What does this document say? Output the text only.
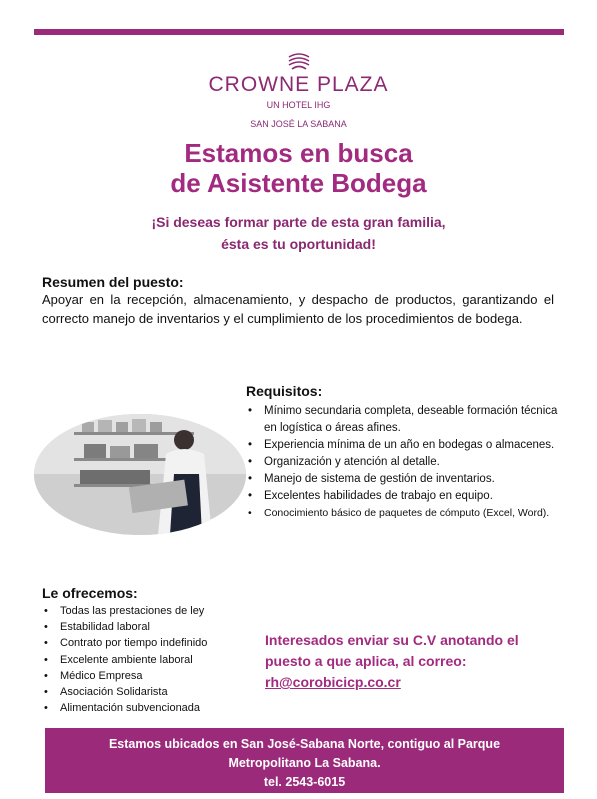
CROWNE PLAZA
UN HOTEL IHG
SAN JOSÉ LA SABANA
Estamos en busca
de Asistente Bodega
¡Si deseas formar parte de esta gran familia,
ésta es tu oportunidad!
Resumen del puesto:

Apoyar en la recepción, almacenamiento, y despacho de productos, garantizando el correcto manejo de inventarios y el cumplimiento de los procedimientos de bodega.

Requisitos:
• Mínimo secundaria completa, deseable formación técnica en logística o áreas afines.
• Experiencia mínima de un año en bodegas o almacenes.
• Organización y atención al detalle.
• Manejo de sistema de gestión de inventarios.
• Excelentes habilidades de trabajo en equipo.
• Conocimiento básico de paquetes de cómputo (Excel, Word).
Le ofrecemos:
• Todas las prestaciones de ley
• Estabilidad laboral
• Contrato por tiempo indefinido
• Excelente ambiente laboral
• Médico Empresa
• Asociación Solidarista
• Alimentación subvencionada
Interesados enviar su C.V anotando el
puesto a que aplica, al correo:
rh@corobicicp.co.cr
Estamos ubicados en San José-Sabana Norte, contiguo al Parque
Metropolitano La Sabana.
tel. 2543-6015
